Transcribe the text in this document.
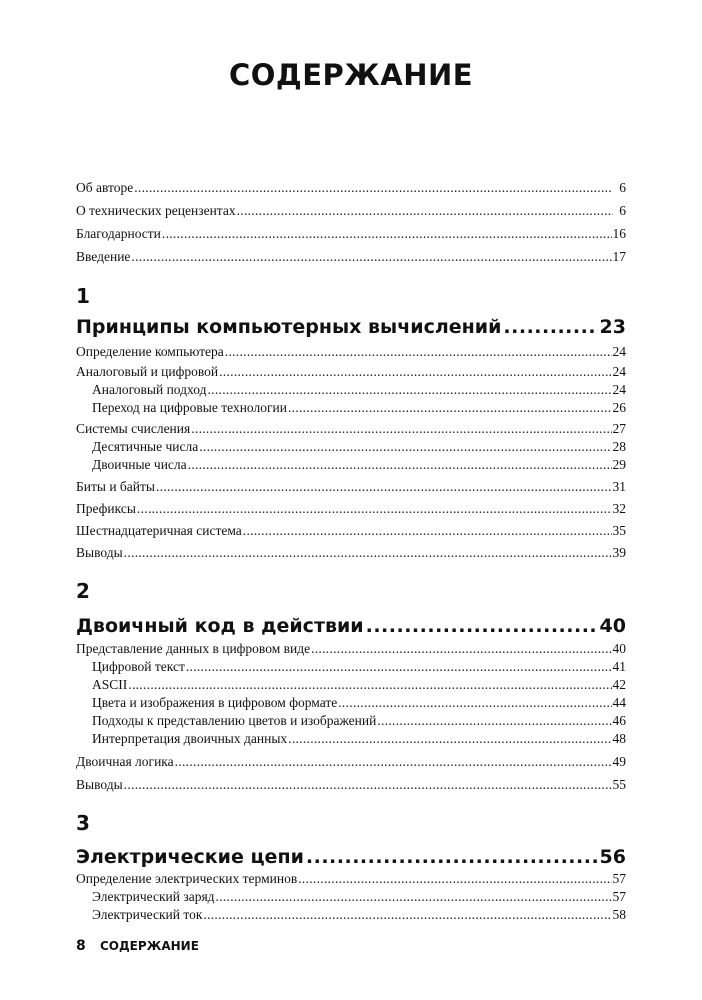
СОДЕРЖАНИЕ
Об авторе .....	6
О технических рецензентах .....	6
Благодарности .....	16
Введение .....	17
1
Принципы компьютерных вычислений .....	23
Определение компьютера .....	24
Аналоговый и цифровой .....	24
Аналоговый подход .....	24
Переход на цифровые технологии .....	26
Системы счисления .....	27
Десятичные числа .....	28
Двоичные числа .....	29
Биты и байты .....	31
Префиксы .....	32
Шестнадцатеричная система .....	35
Выводы .....	39
2
Двоичный код в действии .....	40
Представление данных в цифровом виде .....	40
Цифровой текст .....	41
ASCII .....	42
Цвета и изображения в цифровом формате .....	44
Подходы к представлению цветов и изображений .....	46
Интерпретация двоичных данных .....	48
Двоичная логика .....	49
Выводы .....	55
3
Электрические цепи .....	56
Определение электрических терминов .....	57
Электрический заряд .....	57
Электрический ток .....	58
8 СОДЕРЖАНИЕ
